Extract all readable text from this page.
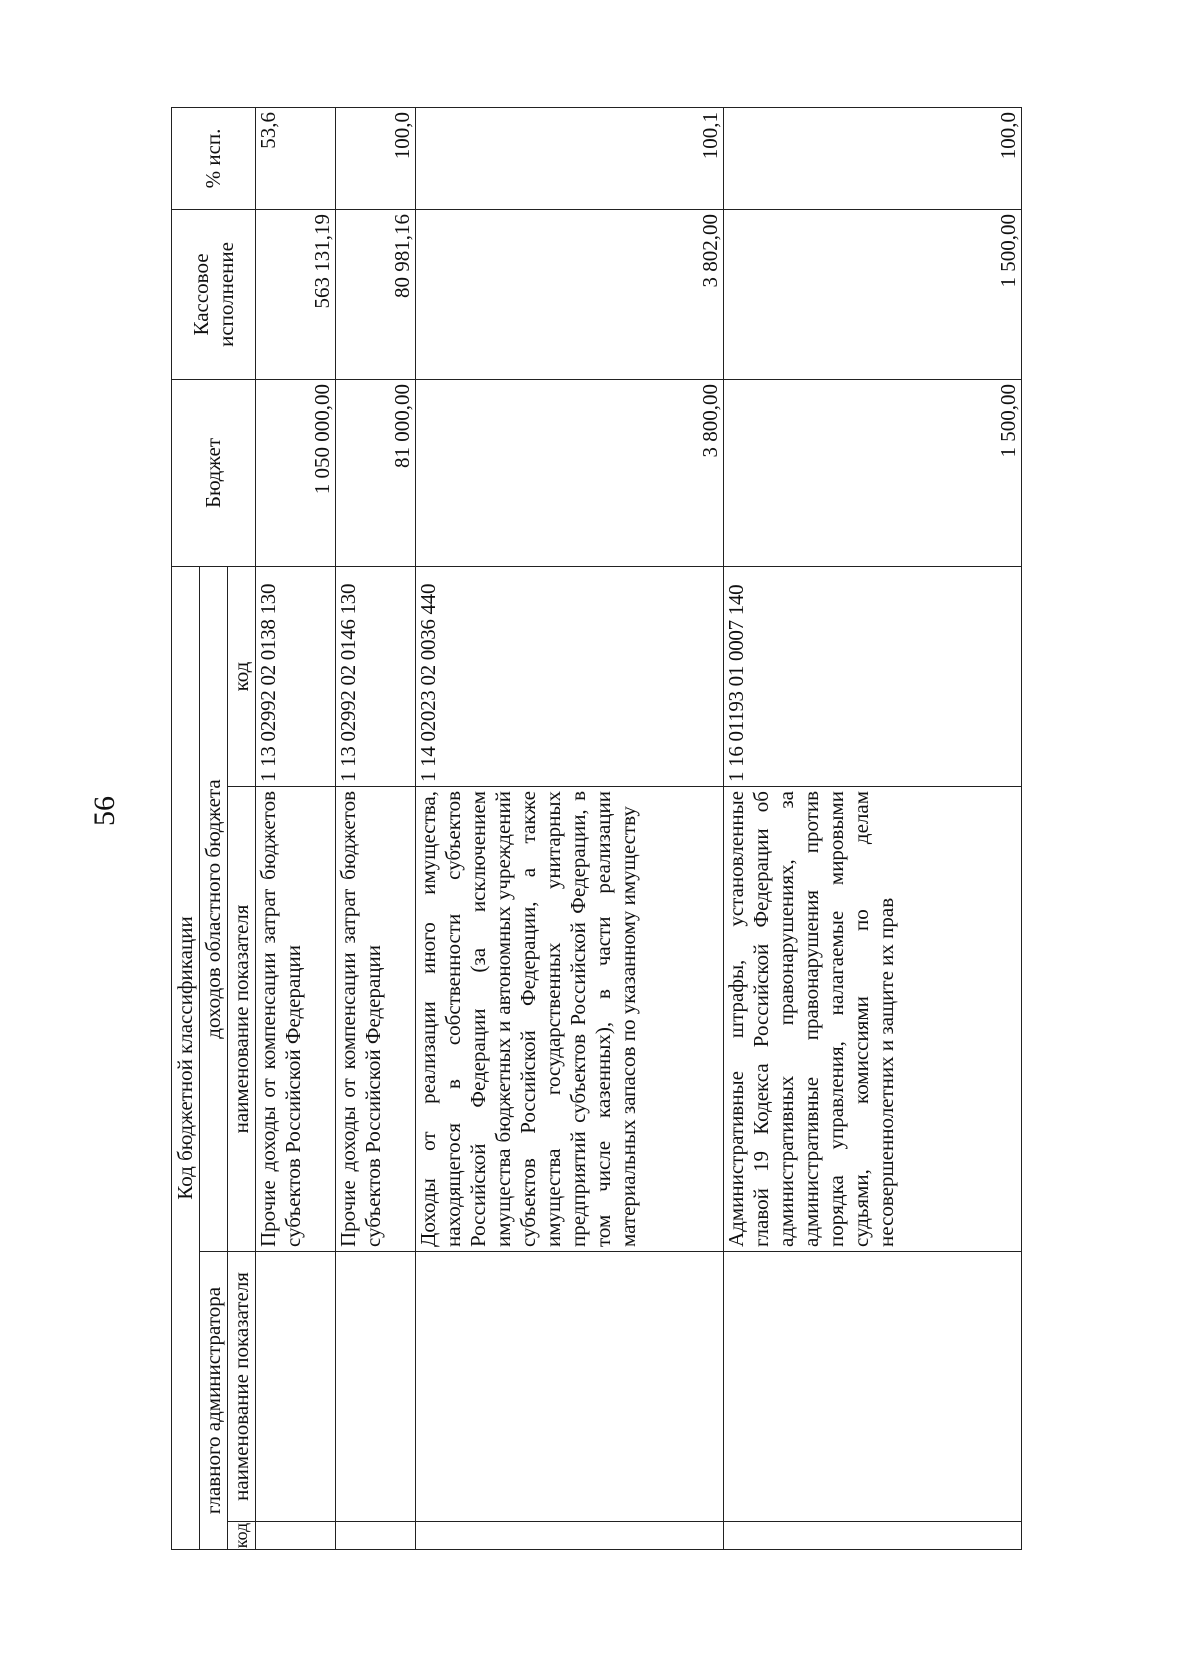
56
Код бюджетной классификации				Бюджет	Кассовое исполнение	% исп.
главного администратора		доходов областного бюджета				
код	наименование показателя	наименование показателя	код			
		Прочие доходы от компенсации затрат бюджетов субъектов Российской Федерации	1 13 02992 02 0138 130	1 050 000,00	563 131,19	53,6
		Прочие доходы от компенсации затрат бюджетов субъектов Российской Федерации	1 13 02992 02 0146 130	81 000,00	80 981,16	100,0
		Доходы от реализации иного имущества, находящегося в собственности субъектов Российской Федерации (за исключением имущества бюджетных и автономных учреждений субъектов Российской Федерации, а также имущества государственных унитарных предприятий субъектов Российской Федерации, в том числе казенных), в части реализации материальных запасов по указанному имуществу	1 14 02023 02 0036 440	3 800,00	3 802,00	100,1
		Административные штрафы, установленные главой 19 Кодекса Российской Федерации об административных правонарушениях, за административные правонарушения против порядка управления, налагаемые мировыми судьями, комиссиями по делам несовершеннолетних и защите их прав	1 16 01193 01 0007 140	1 500,00	1 500,00	100,0
